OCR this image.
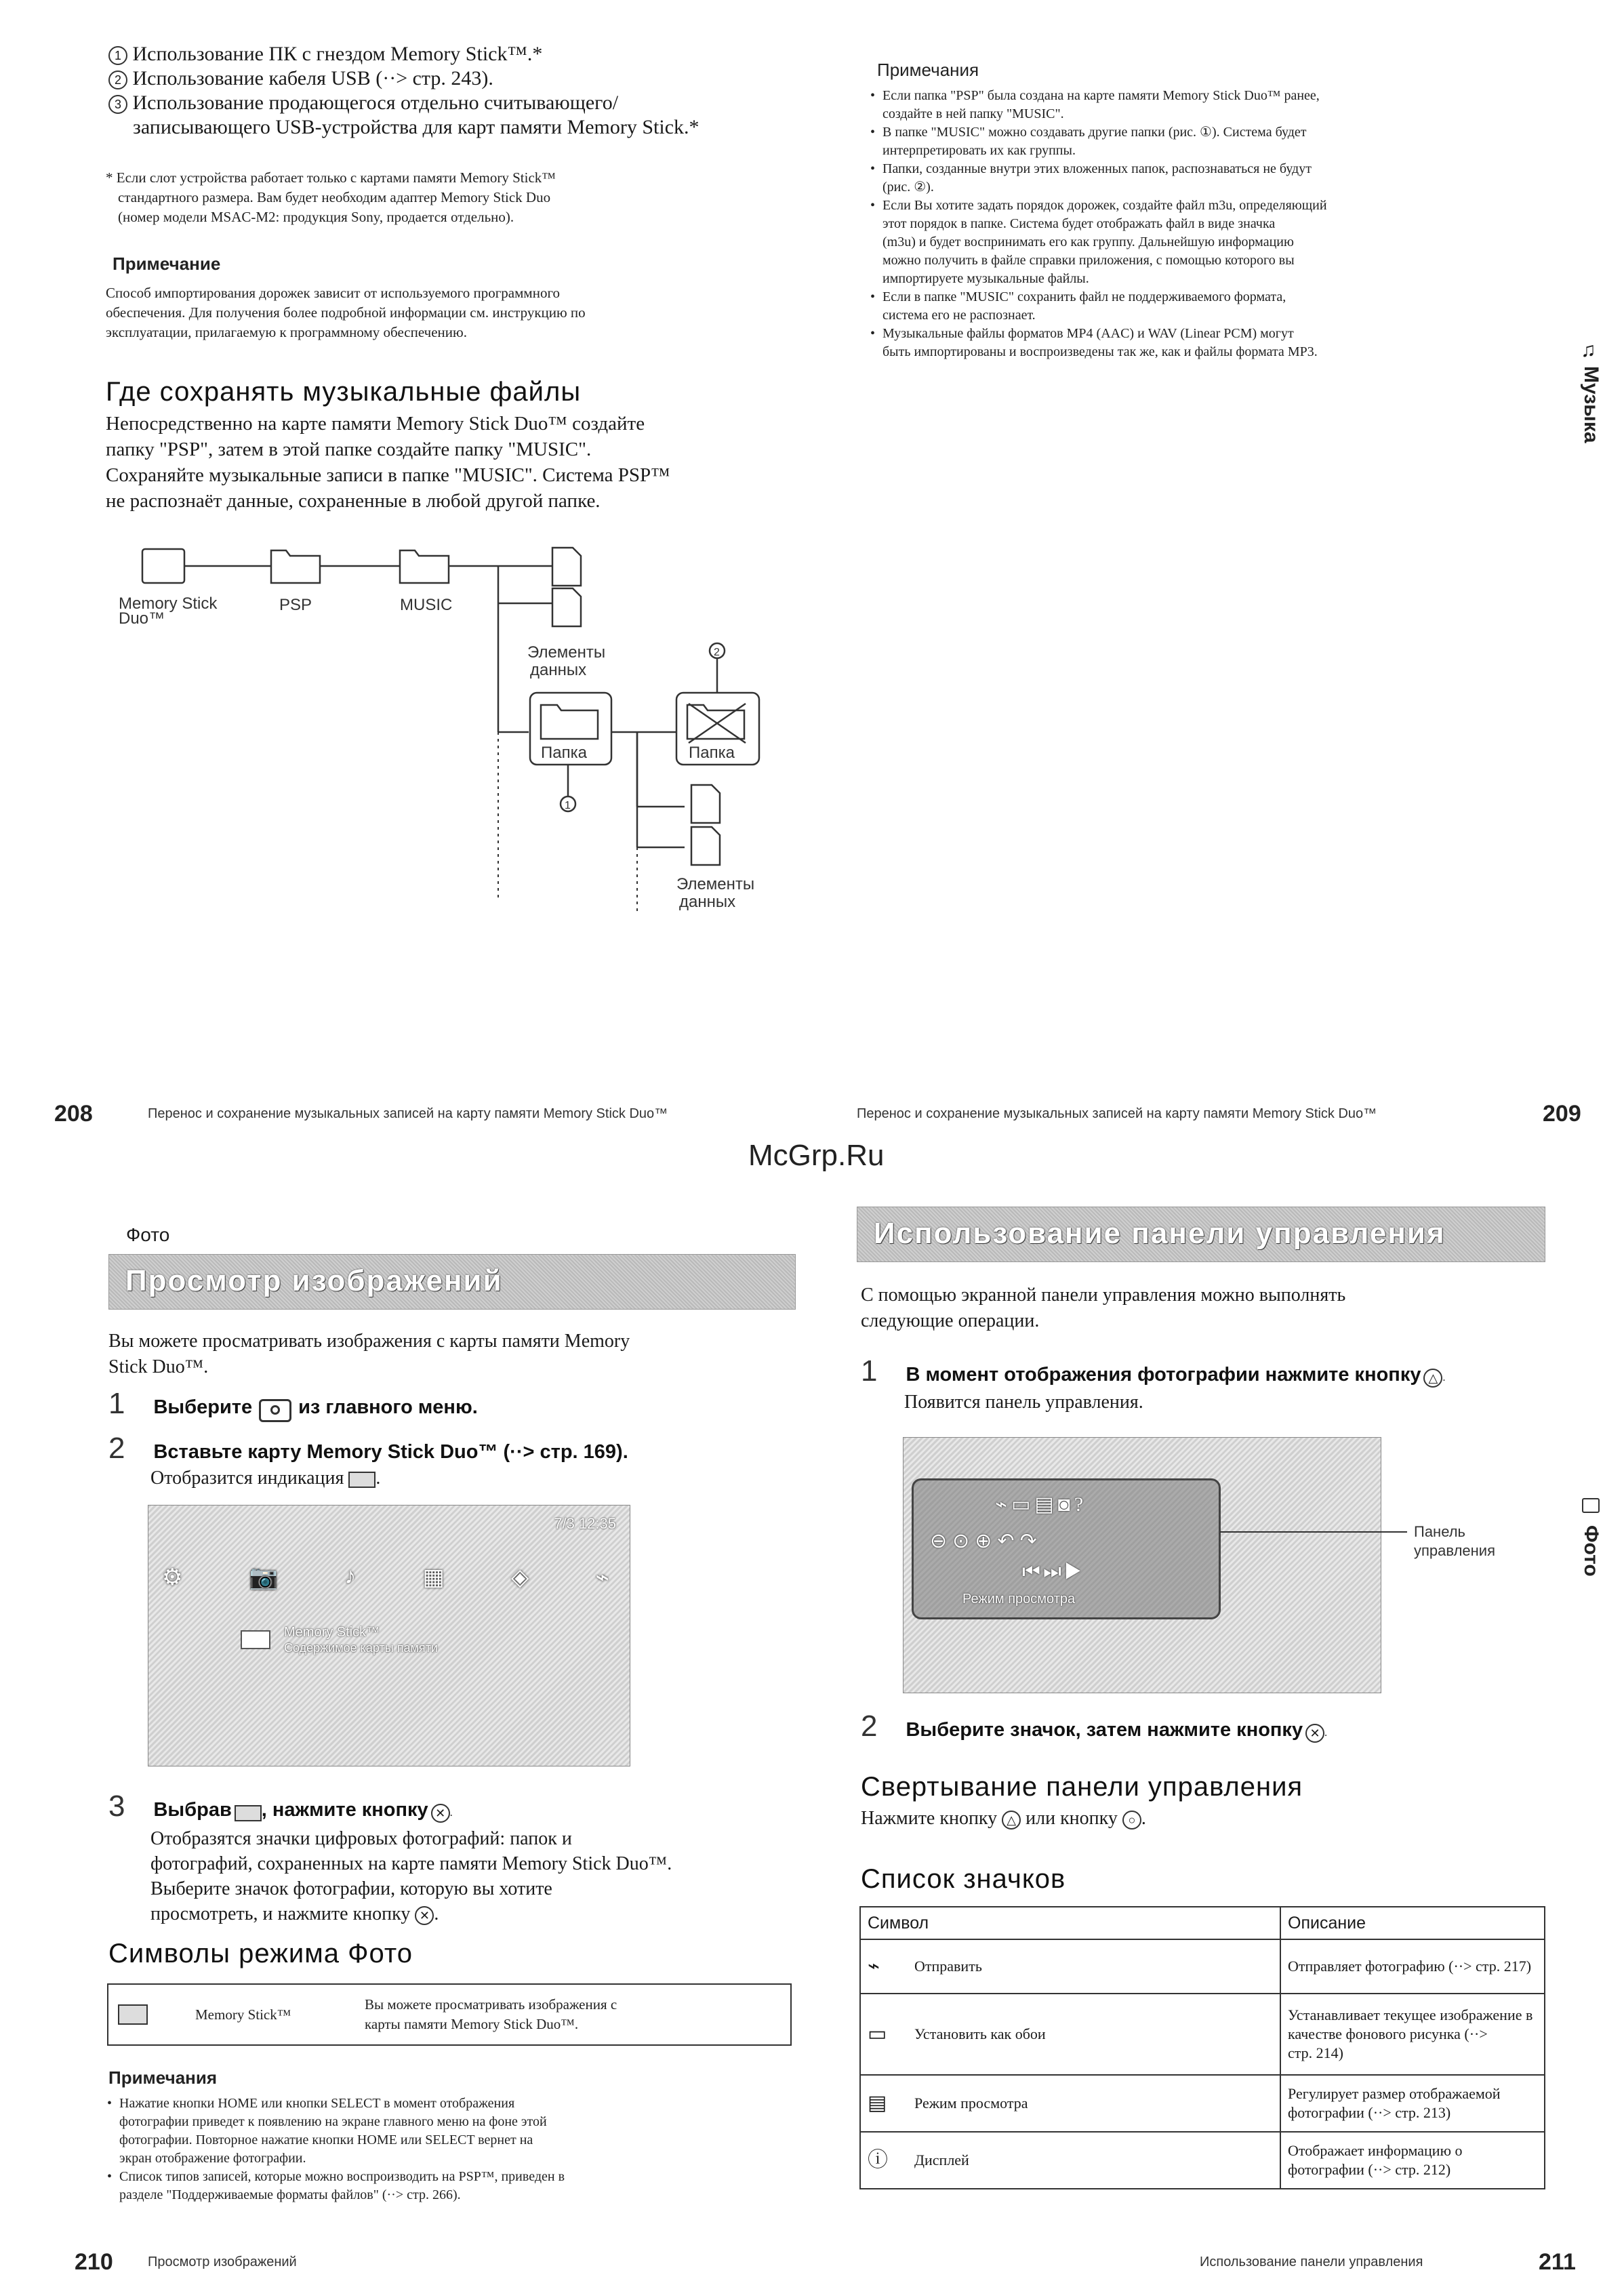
1 Использование ПК с гнездом Memory Stick™.*
2 Использование кабеля USB (··> стр. 243).
3 Использование продающегося отдельно считывающего/
записывающего USB-устройства для карт памяти Memory Stick.*
* Если слот устройства работает только с картами памяти Memory Stick™
стандартного размера. Вам будет необходим адаптер Memory Stick Duo
(номер модели MSAC-M2: продукция Sony, продается отдельно).
Примечание
Способ импортирования дорожек зависит от используемого программного
обеспечения. Для получения более подробной информации см. инструкцию по
эксплуатации, прилагаемую к программному обеспечению.
Где сохранять музыкальные файлы
Непосредственно на карте памяти Memory Stick Duo™ создайте
папку "PSP", затем в этой папке создайте папку "MUSIC".
Сохраняйте музыкальные записи в папке "MUSIC". Система PSP™
не распознаёт данные, сохраненные в любой другой папке.
Memory Stick
Duo™
PSP	MUSIC
Элементы
данных
Папка	Папка
1
2
Элементы
данных
Примечания
• Если папка "PSP" была создана на карте памяти Memory Stick Duo™ ранее,
создайте в ней папку "MUSIC".
• В папке "MUSIC" можно создавать другие папки (рис. ①). Система будет
интерпретировать их как группы.
• Папки, созданные внутри этих вложенных папок, распознаваться не будут
(рис. ②).
• Если Вы хотите задать порядок дорожек, создайте файл m3u, определяющий
этот порядок в папке. Система будет отображать файл в виде значка
(m3u) и будет воспринимать его как группу. Дальнейшую информацию
можно получить в файле справки приложения, с помощью которого вы
импортируете музыкальные файлы.
• Если в папке "MUSIC" сохранить файл не поддерживаемого формата,
система его не распознает.
• Музыкальные файлы форматов MP4 (AAC) и WAV (Linear PCM) могут
быть импортированы и воспроизведены так же, как и файлы формата MP3.
Музыка
♫
208	Перенос и сохранение музыкальных записей на карту памяти Memory Stick Duo™	Перенос и сохранение музыкальных записей на карту памяти Memory Stick Duo™	209
McGrp.Ru
Фото
Просмотр изображений
Вы можете просматривать изображения с карты памяти Memory
Stick Duo™.
1 Выберите из главного меню.
2 Вставьте карту Memory Stick Duo™ (··> стр. 169).
Отобразится индикация .
7/3 12:35
⚙	📷	♪	▦	◈	⌁
Memory Stick™
Содержимое карты памяти
3 Выбрав , нажмите кнопку ✕ .
Отобразятся значки цифровых фотографий: папок и
фотографий, сохраненных на карте памяти Memory Stick Duo™.
Выберите значок фотографии, которую вы хотите
просмотреть, и нажмите кнопку ✕ .
Символы режима Фото
Memory Stick™
Вы можете просматривать изображения с
карты памяти Memory Stick Duo™.
Примечания
• Нажатие кнопки HOME или кнопки SELECT в момент отображения
фотографии приведет к появлению на экране главного меню на фоне этой
фотографии. Повторное нажатие кнопки HOME или SELECT вернет на
экран отображение фотографии.
• Список типов записей, которые можно воспроизводить на PSP™, приведен в
разделе "Поддерживаемые форматы файлов" (··> стр. 266).
210	Просмотр изображений
Использование панели управления
С помощью экранной панели управления можно выполнять
следующие операции.
1 В момент отображения фотографии нажмите кнопку △ .
Появится панель управления.
⌁▭▤◙?
⊖⊙⊕↶↷
⏮⏭▶
Режим просмотра
Панель
управления
2 Выберите значок, затем нажмите кнопку ✕ .
Свертывание панели управления
Нажмите кнопку △ или кнопку ○ .
Список значков
Символ		Описание
⌁	Отправить	Отправляет фотографию (··> стр. 217)

▭	Установить как обои	Устанавливает текущее изображение в
качестве фонового рисунка (··>
стр. 214)

▤	Режим просмотра	Регулирует размер отображаемой
фотографии (··> стр. 213)

ⓘ	Дисплей	Отображает информацию о
фотографии (··> стр. 212)
Фото
Использование панели управления	211
